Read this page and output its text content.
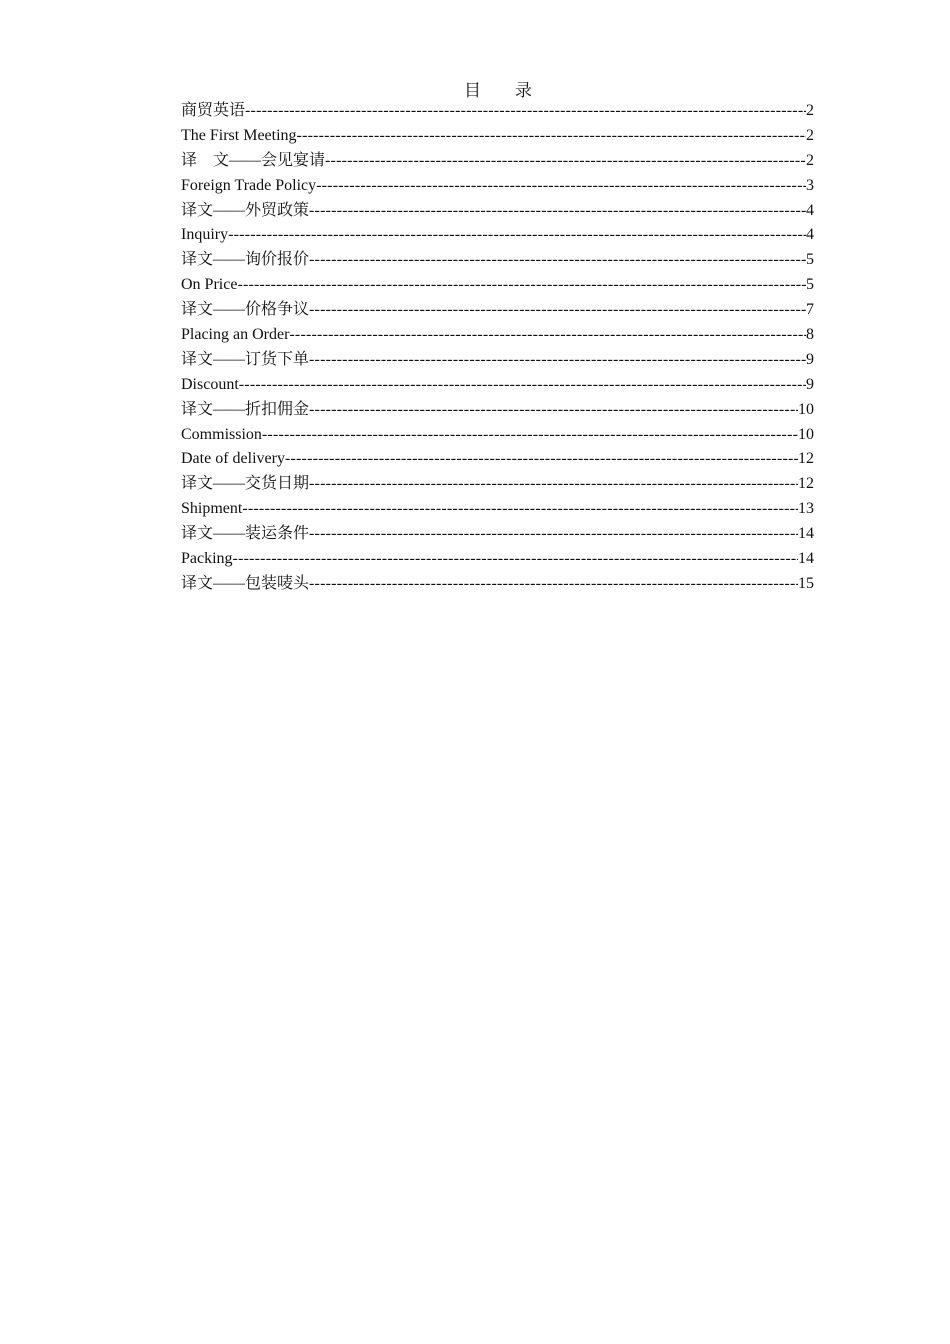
目　　录
商贸英语 -----	2
The First Meeting -----	2
译　文——会见宴请 -----	2
Foreign Trade Policy -----	3
译文——外贸政策 -----	4
Inquiry -----	4
译文——询价报价 -----	5
On Price -----	5
译文——价格争议 -----	7
Placing an Order -----	8
译文——订货下单 -----	9
Discount -----	9
译文——折扣佣金 -----	10
Commission -----	10
Date of delivery -----	12
译文——交货日期 -----	12
Shipment -----	13
译文——装运条件 -----	14
Packing -----	14
译文——包装唛头 -----	15
